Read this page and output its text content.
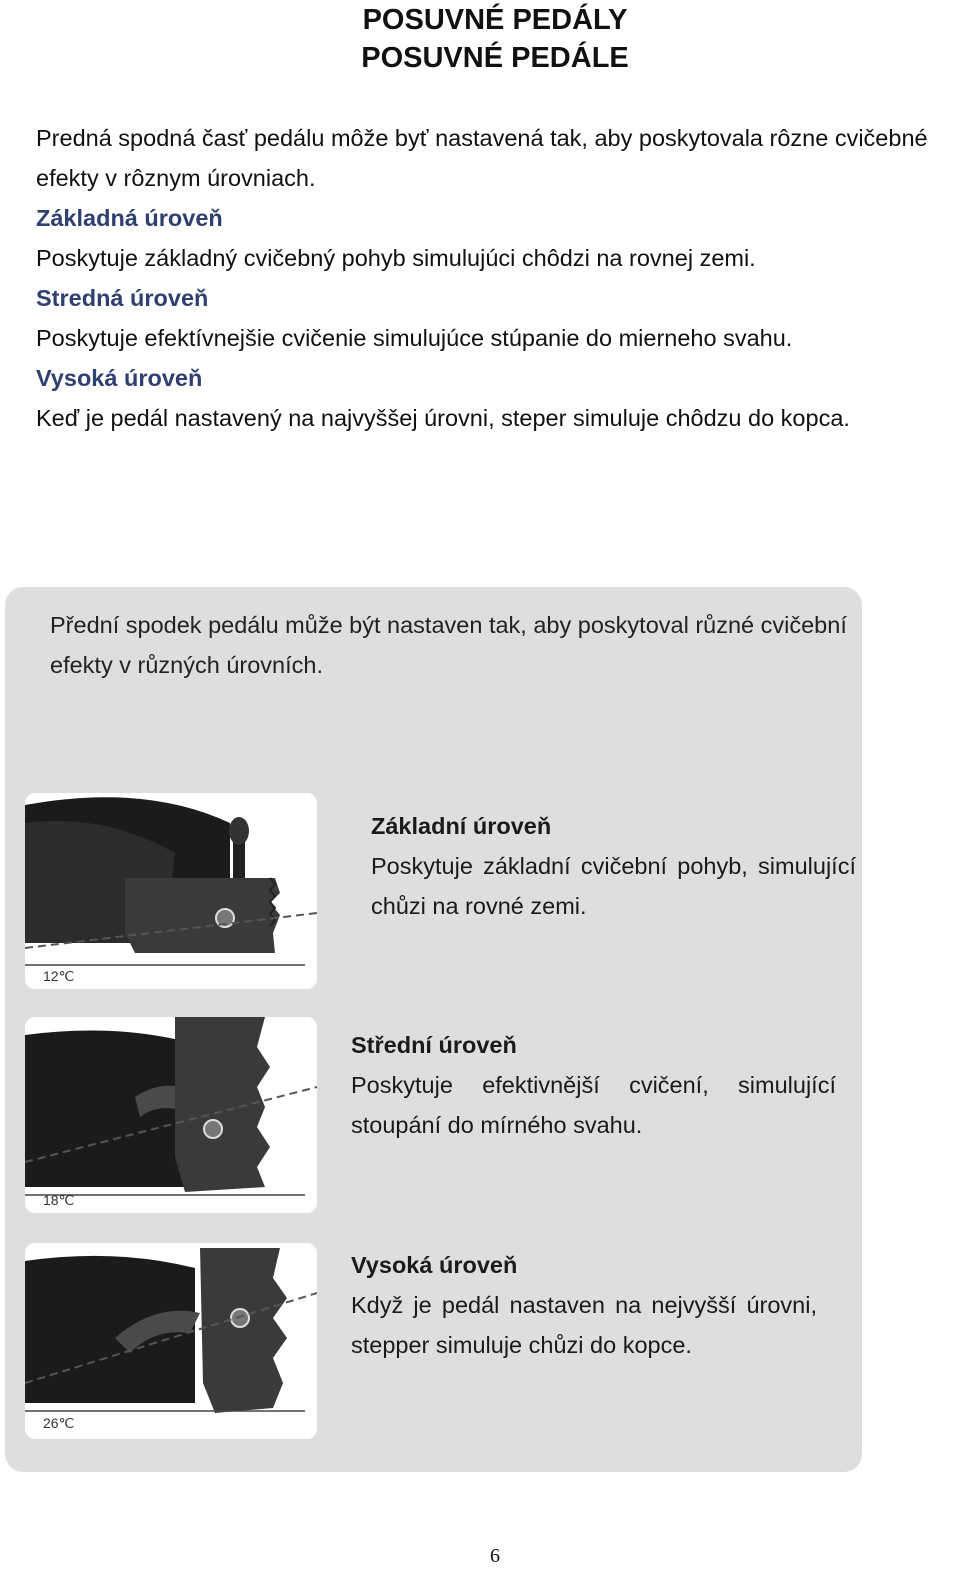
POSUVNÉ PEDÁLY
POSUVNÉ PEDÁLE

Predná spodná časť pedálu môže byť nastavená tak, aby poskytovala rôzne cvičebné efekty v rôznym úrovniach.

Základná úroveň

Poskytuje základný cvičebný pohyb simulujúci chôdzi na rovnej zemi.

Stredná úroveň

Poskytuje efektívnejšie cvičenie simulujúce stúpanie do mierneho svahu.

Vysoká úroveň

Keď je pedál nastavený na najvyššej úrovni, steper simuluje chôdzu do kopca.

Přední spodek pedálu může být nastaven tak, aby poskytoval různé cvičební efekty v různých úrovních.

12℃
18℃
26℃
Základní úroveň
Poskytuje základní cvičební pohyb, simulující chůzi na rovné zemi.
Střední úroveň
Poskytuje efektivnější cvičení, simulující stoupání do mírného svahu.
Vysoká úroveň
Když je pedál nastaven na nejvyšší úrovni, stepper simuluje chůzi do kopce.
6
